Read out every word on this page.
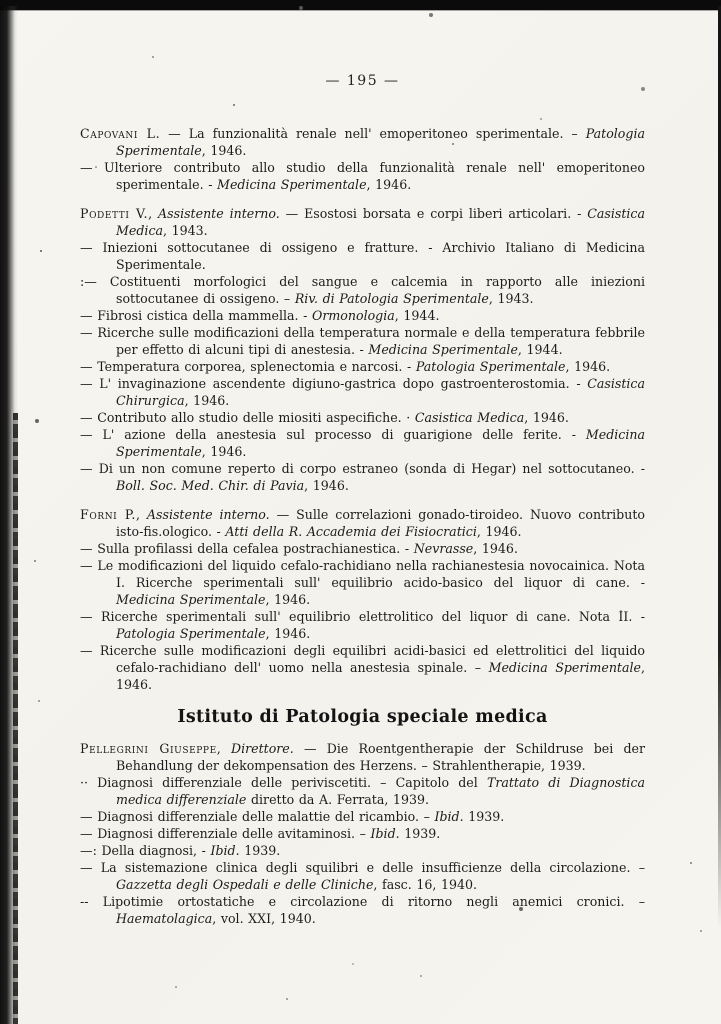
— 195 —

Capovani L. — La funzionalità renale nell' emoperitoneo sperimentale. – Patologia Sperimentale, 1946.

— Ulteriore contributo allo studio della funzionalità renale nell' emoperitoneo sperimentale. - Medicina Sperimentale, 1946.

Podetti V., Assistente interno. — Esostosi borsata e corpi liberi articolari. - Casistica Medica, 1943.

— Iniezioni sottocutanee di ossigeno e fratture. - Archivio Italiano di Medicina Sperimentale.

:— Costituenti morfologici del sangue e calcemia in rapporto alle iniezioni sottocutanee di ossigeno. – Riv. di Patologia Sperimentale, 1943.

— Fibrosi cistica della mammella. - Ormonologia, 1944.

— Ricerche sulle modificazioni della temperatura normale e della temperatura febbrile per effetto di alcuni tipi di anestesia. - Medicina Sperimentale, 1944.

— Temperatura corporea, splenectomia e narcosi. - Patologia Sperimentale, 1946.

— L' invaginazione ascendente digiuno-gastrica dopo gastroenterostomia. - Casistica Chirurgica, 1946.

— Contributo allo studio delle miositi aspecifiche. · Casistica Medica, 1946.

— L' azione della anestesia sul processo di guarigione delle ferite. - Medicina Sperimentale, 1946.

— Di un non comune reperto di corpo estraneo (sonda di Hegar) nel sottocutaneo. - Boll. Soc. Med. Chir. di Pavia, 1946.

Forni P., Assistente interno. — Sulle correlazioni gonado-tiroideo. Nuovo contributo isto-fis.ologico. - Atti della R. Accademia dei Fisiocratici, 1946.

— Sulla profilassi della cefalea postrachianestica. - Nevrasse, 1946.

— Le modificazioni del liquido cefalo-rachidiano nella rachianestesia novocainica. Nota I. Ricerche sperimentali sull' equilibrio acido-basico del liquor di cane. - Medicina Sperimentale, 1946.

— Ricerche sperimentali sull' equilibrio elettrolitico del liquor di cane. Nota II. - Patologia Sperimentale, 1946.

— Ricerche sulle modificazioni degli equilibri acidi-basici ed elettrolitici del liquido cefalo-rachidiano dell' uomo nella anestesia spinale. – Medicina Sperimentale, 1946.

Istituto di Patologia speciale medica

Pellegrini Giuseppe, Direttore. — Die Roentgentherapie der Schildruse bei der Behandlung der dekompensation des Herzens. – Strahlentherapie, 1939.

·· Diagnosi differenziale delle periviscetiti. – Capitolo del Trattato di Diagnostica medica differenziale diretto da A. Ferrata, 1939.

— Diagnosi differenziale delle malattie del ricambio. – Ibid. 1939.

— Diagnosi differenziale delle avitaminosi. – Ibid. 1939.

—: Della diagnosi, - Ibid. 1939.

— La sistemazione clinica degli squilibri e delle insufficienze della circolazione. – Gazzetta degli Ospedali e delle Cliniche, fasc. 16, 1940.

-- Lipotimie ortostatiche e circolazione di ritorno negli anemici cronici. – Haematolagica, vol. XXI, 1940.
